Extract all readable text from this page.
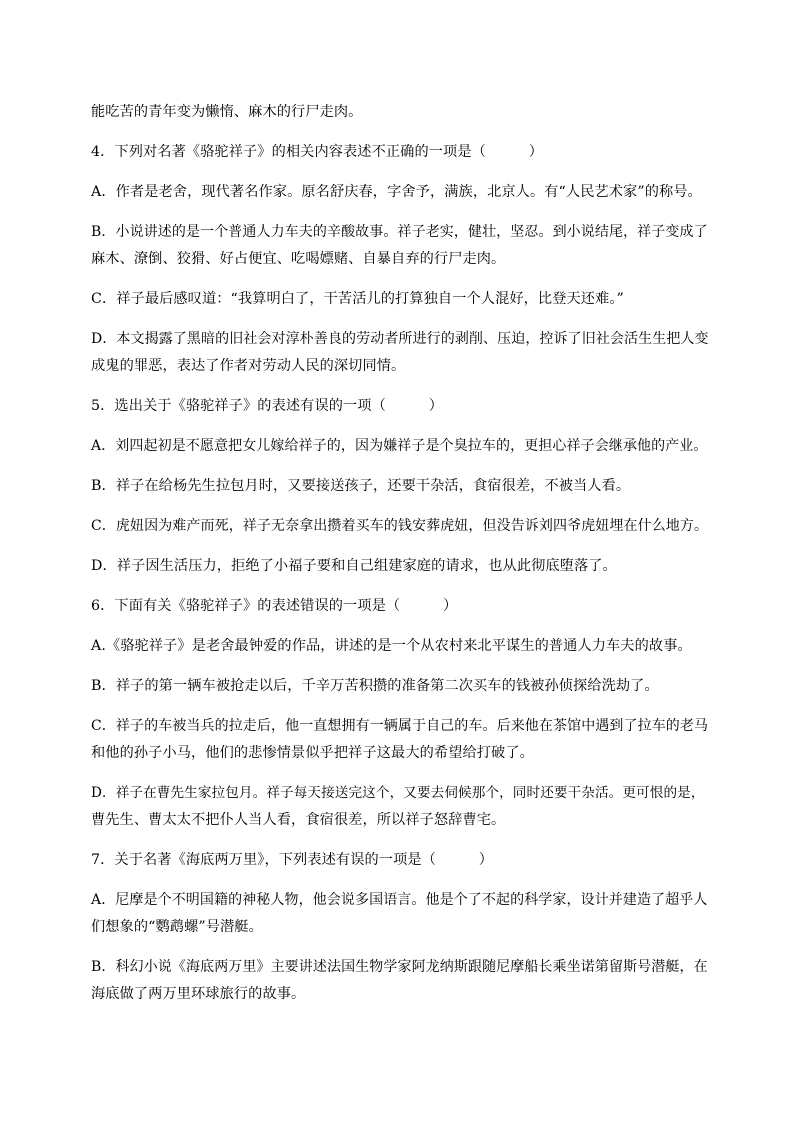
能吃苦的青年变为懒惰、麻木的行尸走肉。
4．下列对名著《骆驼祥子》的相关内容表述不正确的一项是（　　　）
A．作者是老舍，现代著名作家。原名舒庆春，字舍予，满族，北京人。有“人民艺术家”的称号。
B．小说讲述的是一个普通人力车夫的辛酸故事。祥子老实，健壮，坚忍。到小说结尾，祥子变成了
麻木、潦倒、狡猾、好占便宜、吃喝嫖赌、自暴自弃的行尸走肉。
C．祥子最后感叹道：“我算明白了，干苦活儿的打算独自一个人混好，比登天还难。”
D．本文揭露了黑暗的旧社会对淳朴善良的劳动者所进行的剥削、压迫，控诉了旧社会活生生把人变
成鬼的罪恶，表达了作者对劳动人民的深切同情。
5．选出关于《骆驼祥子》的表述有误的一项（　　　）
A．刘四起初是不愿意把女儿嫁给祥子的，因为嫌祥子是个臭拉车的，更担心祥子会继承他的产业。
B．祥子在给杨先生拉包月时，又要接送孩子，还要干杂活，食宿很差，不被当人看。
C．虎妞因为难产而死，祥子无奈拿出攒着买车的钱安葬虎妞，但没告诉刘四爷虎妞埋在什么地方。
D．祥子因生活压力，拒绝了小福子要和自己组建家庭的请求，也从此彻底堕落了。
6．下面有关《骆驼祥子》的表述错误的一项是（　　　）
A.《骆驼祥子》是老舍最钟爱的作品，讲述的是一个从农村来北平谋生的普通人力车夫的故事。
B．祥子的第一辆车被抢走以后，千辛万苦积攒的准备第二次买车的钱被孙侦探给洗劫了。
C．祥子的车被当兵的拉走后，他一直想拥有一辆属于自己的车。后来他在茶馆中遇到了拉车的老马
和他的孙子小马，他们的悲惨情景似乎把祥子这最大的希望给打破了。
D．祥子在曹先生家拉包月。祥子每天接送完这个，又要去伺候那个，同时还要干杂活。更可恨的是，
曹先生、曹太太不把仆人当人看，食宿很差，所以祥子怒辞曹宅。
7．关于名著《海底两万里》，下列表述有误的一项是（　　　）
A．尼摩是个不明国籍的神秘人物，他会说多国语言。他是个了不起的科学家，设计并建造了超乎人
们想象的“鹦鹉螺”号潜艇。
B．科幻小说《海底两万里》主要讲述法国生物学家阿龙纳斯跟随尼摩船长乘坐诺第留斯号潜艇，在
海底做了两万里环球旅行的故事。
